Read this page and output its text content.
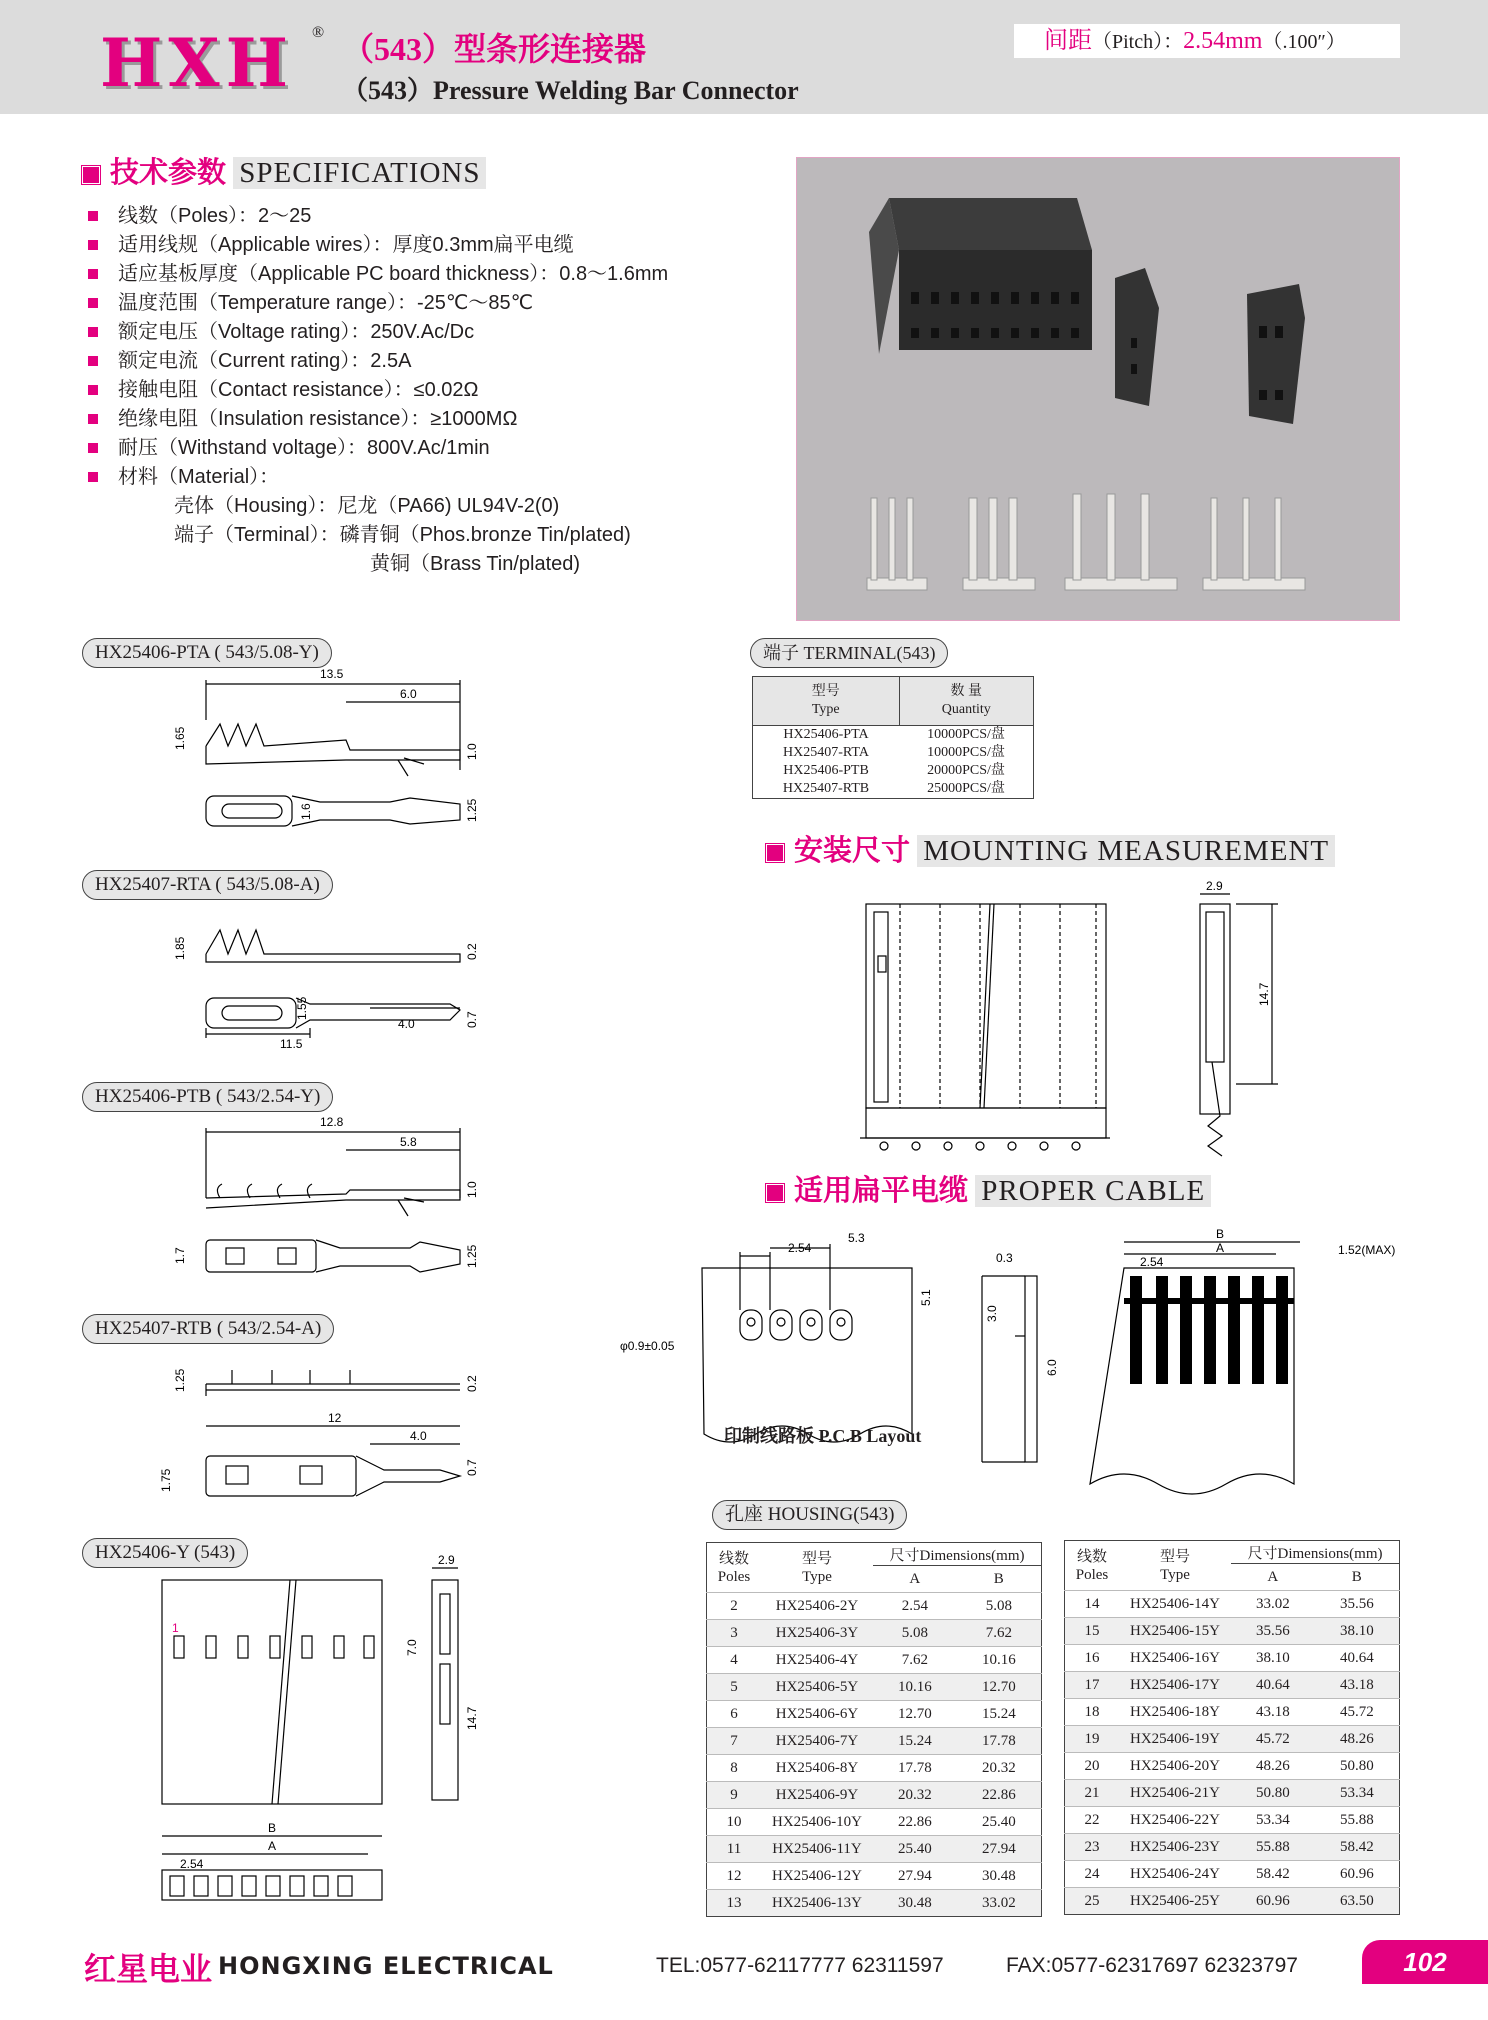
HXH ® （543）型条形连接器
（543）Pressure Welding Bar Connector
间距（Pitch）：2.54mm（.100″）
技术参数 SPECIFICATIONS
线数（Poles）：2～25
适用线规（Applicable wires）：厚度0.3mm扁平电缆
适应基板厚度（Applicable PC board thickness）：0.8～1.6mm
温度范围（Temperature range）：-25℃～85℃
额定电压（Voltage rating）：250V.Ac/Dc
额定电流（Current rating）：2.5A
接触电阻（Contact resistance）：≤0.02Ω
绝缘电阻（Insulation resistance）：≥1000MΩ
耐压（Withstand voltage）：800V.Ac/1min
材料（Material）：
壳体（Housing）：尼龙（PA66) UL94V-2(0)
端子（Terminal）：磷青铜（Phos.bronze Tin/plated)
黄铜（Brass Tin/plated)
HX25406-PTA ( 543/5.08-Y)
13.5
6.0
1.65
1.0
1.6	1.25
HX25407-RTA ( 543/5.08-A)
1.85	0.2
1.55
4.0
11.5
0.7
HX25406-PTB ( 543/2.54-Y)
12.8
5.8
1.0
1.7	1.25
HX25407-RTB ( 543/2.54-A)
1.25	0.2
12
4.0
1.75
0.7
HX25406-Y (543)
1
2.9
7.0
14.7
B
A
2.54
端子 TERMINAL(543)
型号
Type	数 量
Quantity
HX25406-PTA	10000PCS/盘
HX25407-RTA	10000PCS/盘
HX25406-PTB	20000PCS/盘
HX25407-RTB	25000PCS/盘
安装尺寸 MOUNTING MEASUREMENT
2.9
14.7
适用扁平电缆 PROPER CABLE
2.54
5.3
5.1
φ0.9±0.05
0.3
3.0
6.0
B
A
2.54
1.52(MAX)
印制线路板 P.C.B Layout
孔座 HOUSING(543)
线数
Poles	型号
Type	尺寸Dimensions(mm)	
		A	B
2	HX25406-2Y	2.54	5.08
3	HX25406-3Y	5.08	7.62
4	HX25406-4Y	7.62	10.16
5	HX25406-5Y	10.16	12.70
6	HX25406-6Y	12.70	15.24
7	HX25406-7Y	15.24	17.78
8	HX25406-8Y	17.78	20.32
9	HX25406-9Y	20.32	22.86
10	HX25406-10Y	22.86	25.40
11	HX25406-11Y	25.40	27.94
12	HX25406-12Y	27.94	30.48
13	HX25406-13Y	30.48	33.02
线数
Poles	型号
Type	尺寸Dimensions(mm)	
		A	B
14	HX25406-14Y	33.02	35.56
15	HX25406-15Y	35.56	38.10
16	HX25406-16Y	38.10	40.64
17	HX25406-17Y	40.64	43.18
18	HX25406-18Y	43.18	45.72
19	HX25406-19Y	45.72	48.26
20	HX25406-20Y	48.26	50.80
21	HX25406-21Y	50.80	53.34
22	HX25406-22Y	53.34	55.88
23	HX25406-23Y	55.88	58.42
24	HX25406-24Y	58.42	60.96
25	HX25406-25Y	60.96	63.50
红星电业 HONGXING ELECTRICAL	TEL:0577-62117777 62311597	FAX:0577-62317697 62323797	102
